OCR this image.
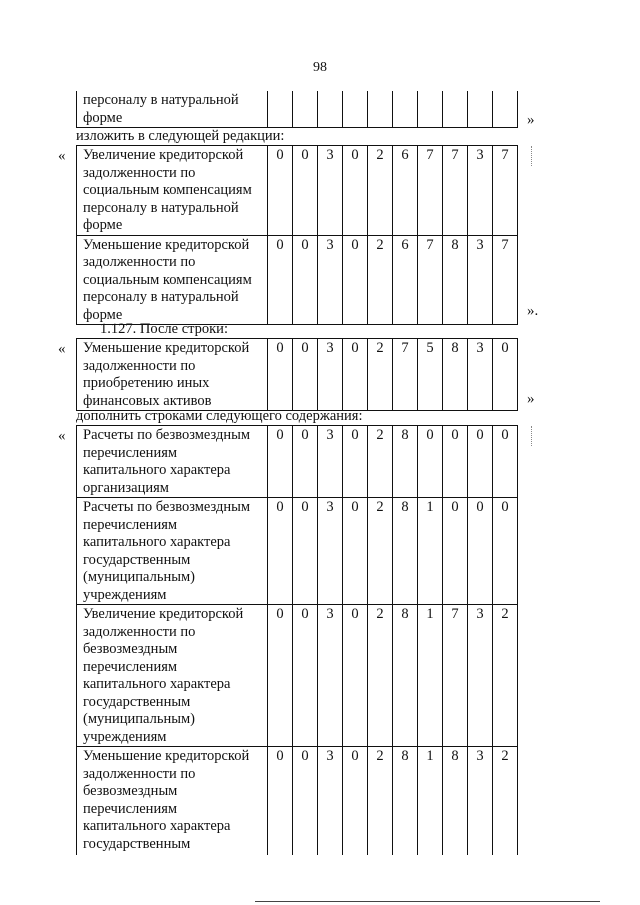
98
персоналу в натуральной форме											»
изложить в следующей редакции:
« Увеличение кредиторской задолженности по социальным компенсациям персоналу в натуральной форме	0	0	3	0	2	6	7	7	3	7
Уменьшение кредиторской задолженности по социальным компенсациям персоналу в натуральной форме	0	0	3	0	2	6	7	8	3	7
».
1.127. После строки:
« Уменьшение кредиторской задолженности по приобретению иных финансовых активов	0	0	3	0	2	7	5	8	3	0
»
дополнить строками следующего содержания:
« Расчеты по безвозмездным перечислениям капитального характера организациям	0	0	3	0	2	8	0	0	0	0
Расчеты по безвозмездным перечислениям капитального характера государственным (муниципальным) учреждениям	0	0	3	0	2	8	1	0	0	0
Увеличение кредиторской задолженности по безвозмездным перечислениям капитального характера государственным (муниципальным) учреждениям	0	0	3	0	2	8	1	7	3	2
Уменьшение кредиторской задолженности по безвозмездным перечислениям капитального характера государственным	0	0	3	0	2	8	1	8	3	2
